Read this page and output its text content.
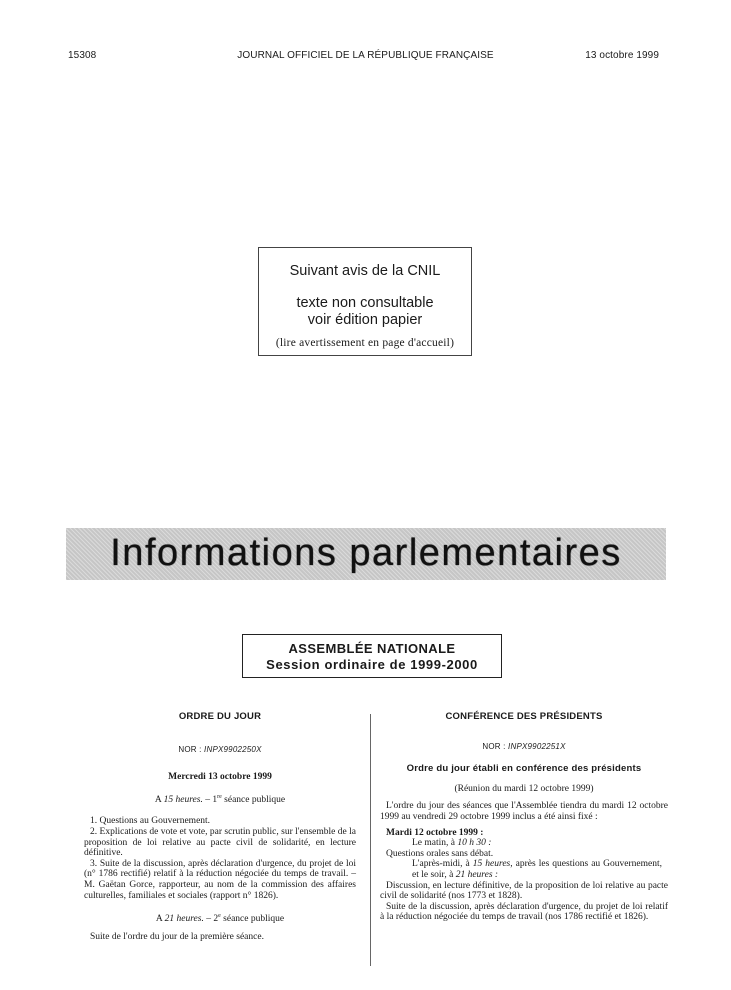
15308	JOURNAL OFFICIEL DE LA RÉPUBLIQUE FRANÇAISE	13 octobre 1999
Suivant avis de la CNIL
texte non consultable
voir édition papier
(lire avertissement en page d'accueil)
Informations parlementaires
ASSEMBLÉE NATIONALE
Session ordinaire de 1999-2000

ORDRE DU JOUR

NOR : INPX9902250X

Mercredi 13 octobre 1999

A 15 heures. – 1re séance publique

1. Questions au Gouvernement.

2. Explications de vote et vote, par scrutin public, sur l'ensemble de la proposition de loi relative au pacte civil de solidarité, en lecture définitive.

3. Suite de la discussion, après déclaration d'urgence, du projet de loi (n° 1786 rectifié) relatif à la réduction négociée du temps de travail. – M. Gaëtan Gorce, rapporteur, au nom de la commission des affaires culturelles, familiales et sociales (rapport n° 1826).

A 21 heures. – 2e séance publique

Suite de l'ordre du jour de la première séance.

CONFÉRENCE DES PRÉSIDENTS

NOR : INPX9902251X

Ordre du jour établi en conférence des présidents

(Réunion du mardi 12 octobre 1999)

L'ordre du jour des séances que l'Assemblée tiendra du mardi 12 octobre 1999 au vendredi 29 octobre 1999 inclus a été ainsi fixé :

Mardi 12 octobre 1999 :

Le matin, à 10 h 30 :

Questions orales sans débat.

L'après-midi, à 15 heures, après les questions au Gouvernement, et le soir, à 21 heures :

Discussion, en lecture définitive, de la proposition de loi relative au pacte civil de solidarité (nos 1773 et 1828).

Suite de la discussion, après déclaration d'urgence, du projet de loi relatif à la réduction négociée du temps de travail (nos 1786 rectifié et 1826).
